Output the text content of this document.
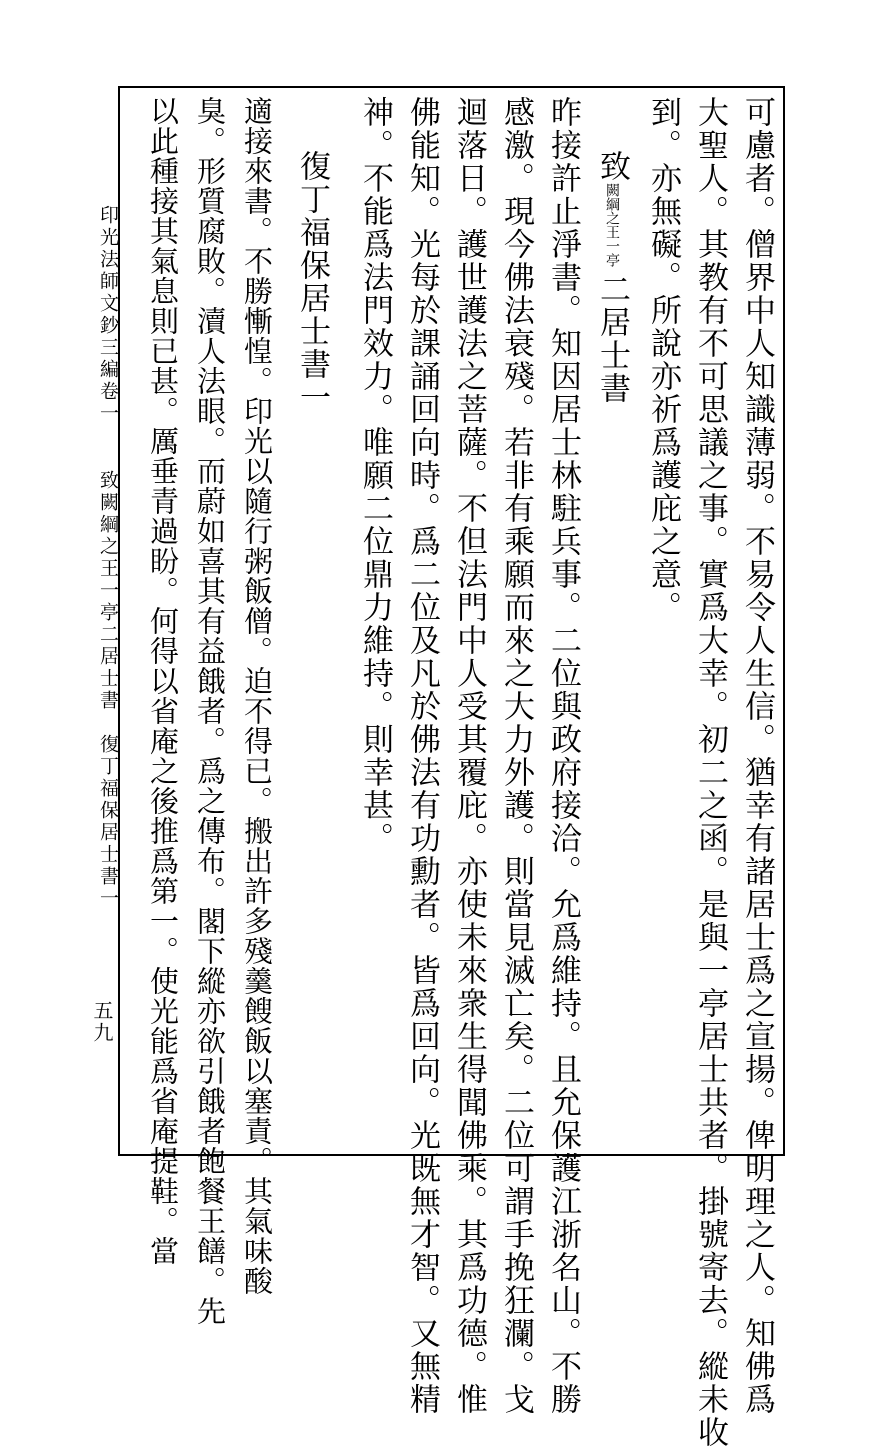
印光法師文鈔三編卷一
致闕綱之王一亭二居士書　復丁福保居士書一
五九	可慮者。僧界中人知識薄弱。不易令人生信。猶幸有諸居士爲之宣揚。俾明理之人。知佛爲
大聖人。其教有不可思議之事。實爲大幸。初二之函。是與一亭居士共者。掛號寄去。縱未收
到。亦無礙。所說亦祈爲護庇之意。
致闕綱之王一亭二居士書
昨接許止淨書。知因居士林駐兵事。二位與政府接洽。允爲維持。且允保護江浙名山。不勝
感激。現今佛法衰殘。若非有乘願而來之大力外護。則當見滅亡矣。二位可謂手挽狂瀾。戈
迴落日。護世護法之菩薩。不但法門中人受其覆庇。亦使未來衆生得聞佛乘。其爲功德。惟
佛能知。光每於課誦回向時。爲二位及凡於佛法有功勳者。皆爲回向。光既無才智。又無精
神。不能爲法門效力。唯願二位鼎力維持。則幸甚。
復丁福保居士書一
適接來書。不勝慚惶。印光以隨行粥飯僧。迫不得已。搬出許多殘羹餿飯以塞責。其氣味酸
臭。形質腐敗。瀆人法眼。而蔚如喜其有益餓者。爲之傳布。閣下縱亦欲引餓者飽餐王饍。先
以此種接其氣息則已甚。厲垂青過盼。何得以省庵之後推爲第一。使光能爲省庵提鞋。當
